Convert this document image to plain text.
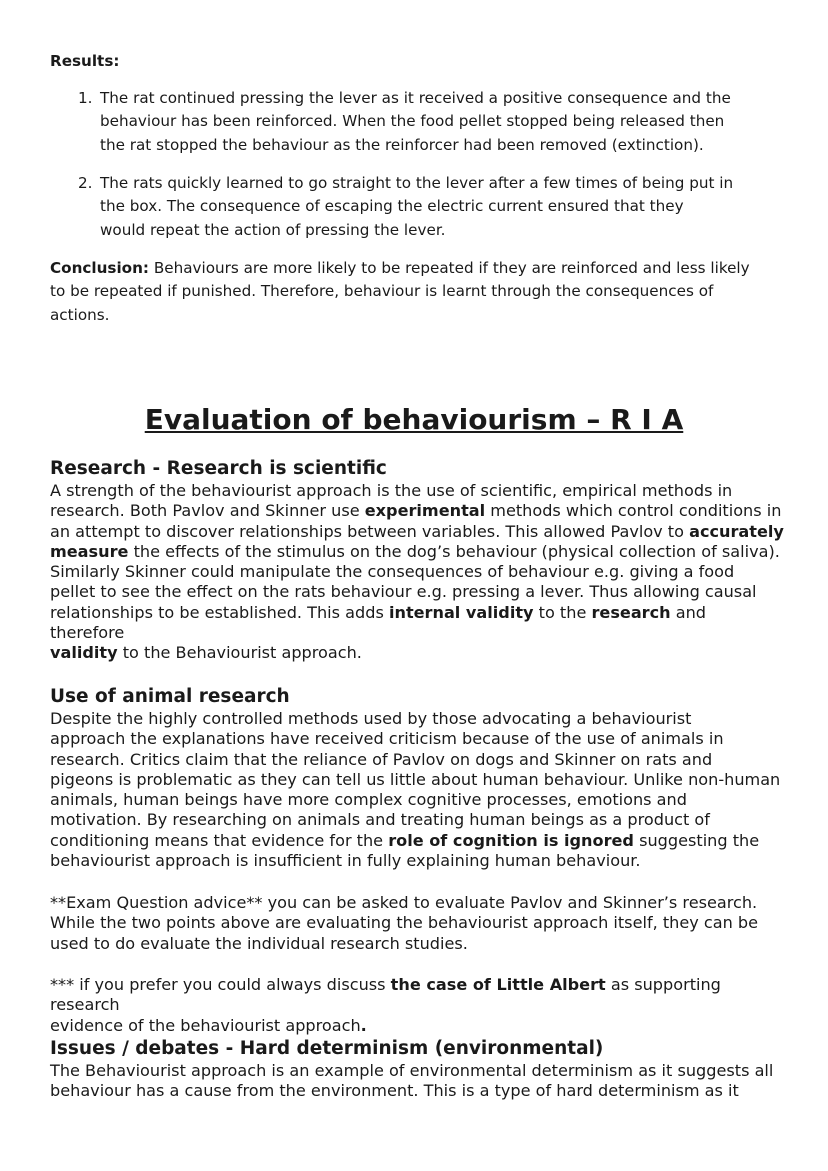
Results:
1. The rat continued pressing the lever as it received a positive consequence and the
behaviour has been reinforced. When the food pellet stopped being released then
the rat stopped the behaviour as the reinforcer had been removed (extinction).
2. The rats quickly learned to go straight to the lever after a few times of being put in
the box. The consequence of escaping the electric current ensured that they
would repeat the action of pressing the lever.
Conclusion: Behaviours are more likely to be repeated if they are reinforced and less likely
to be repeated if punished. Therefore, behaviour is learnt through the consequences of
actions.
Evaluation of behaviourism – R I A
Research - Research is scientific
A strength of the behaviourist approach is the use of scientific, empirical methods in
research. Both Pavlov and Skinner use experimental methods which control conditions in
an attempt to discover relationships between variables. This allowed Pavlov to accurately
measure the effects of the stimulus on the dog’s behaviour (physical collection of saliva).
Similarly Skinner could manipulate the consequences of behaviour e.g. giving a food
pellet to see the effect on the rats behaviour e.g. pressing a lever. Thus allowing causal
relationships to be established. This adds internal validity to the research and therefore
validity to the Behaviourist approach.
Use of animal research
Despite the highly controlled methods used by those advocating a behaviourist
approach the explanations have received criticism because of the use of animals in
research. Critics claim that the reliance of Pavlov on dogs and Skinner on rats and
pigeons is problematic as they can tell us little about human behaviour. Unlike non-human
animals, human beings have more complex cognitive processes, emotions and
motivation. By researching on animals and treating human beings as a product of
conditioning means that evidence for the role of cognition is ignored suggesting the
behaviourist approach is insufficient in fully explaining human behaviour.
**Exam Question advice** you can be asked to evaluate Pavlov and Skinner’s research.
While the two points above are evaluating the behaviourist approach itself, they can be
used to do evaluate the individual research studies.
*** if you prefer you could always discuss the case of Little Albert as supporting research
evidence of the behaviourist approach.
Issues / debates - Hard determinism (environmental)
The Behaviourist approach is an example of environmental determinism as it suggests all
behaviour has a cause from the environment. This is a type of hard determinism as it
